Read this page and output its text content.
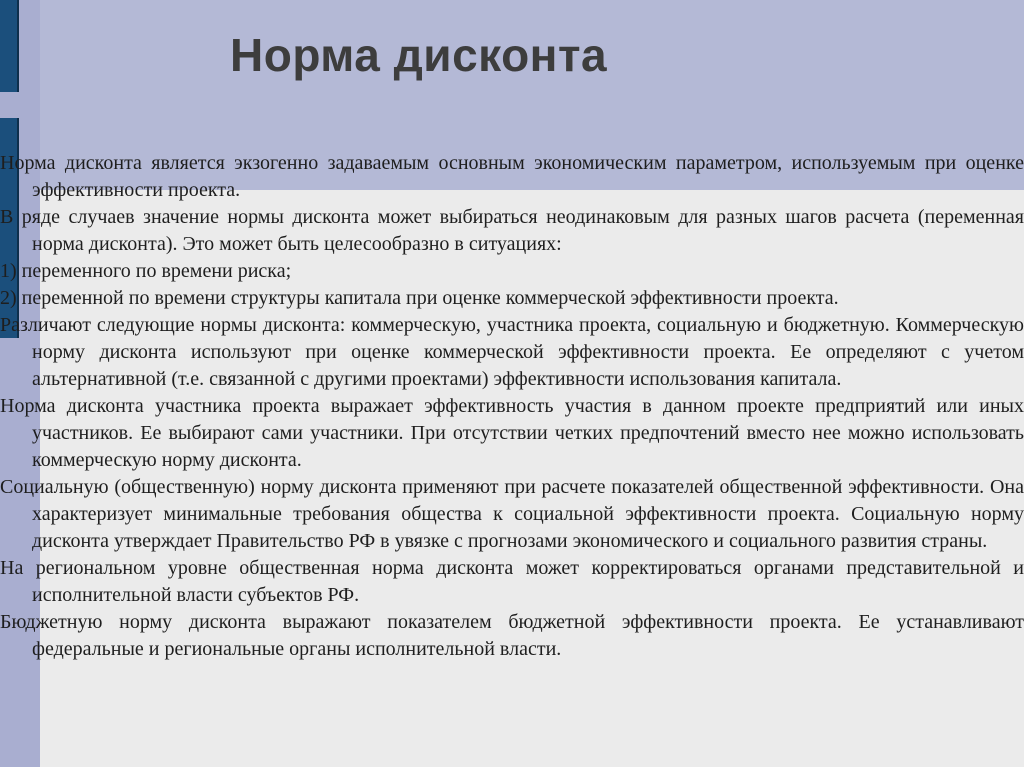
Норма дисконта

Норма дисконта является экзогенно задаваемым основным экономическим параметром, используемым при оценке эффективности проекта.

В ряде случаев значение нормы дисконта может выбираться неодинаковым для разных шагов расчета (переменная норма дисконта). Это может быть целесообразно в ситуациях:

1) переменного по времени риска;

2) переменной по времени структуры капитала при оценке коммерческой эффективности проекта.

Различают следующие нормы дисконта: коммерческую, участника проекта, социальную и бюджетную. Коммерческую норму дисконта используют при оценке коммерческой эффективности проекта. Ее определяют с учетом альтернативной (т.е. связанной с другими проектами) эффективности использования капитала.

Норма дисконта участника проекта выражает эффективность участия в данном проекте предприятий или иных участников. Ее выбирают сами участники. При отсутствии четких предпочтений вместо нее можно использовать коммерческую норму дисконта.

Социальную (общественную) норму дисконта применяют при расчете показателей общественной эффективности. Она характеризует минимальные требования общества к социальной эффективности проекта. Социальную норму дисконта утверждает Правительство РФ в увязке с прогнозами экономического и социального развития страны.

На региональном уровне общественная норма дисконта может корректироваться органами представительной и исполнительной власти субъектов РФ.

Бюджетную норму дисконта выражают показателем бюджетной эффективности проекта. Ее устанавливают федеральные и региональные органы исполнительной власти.
